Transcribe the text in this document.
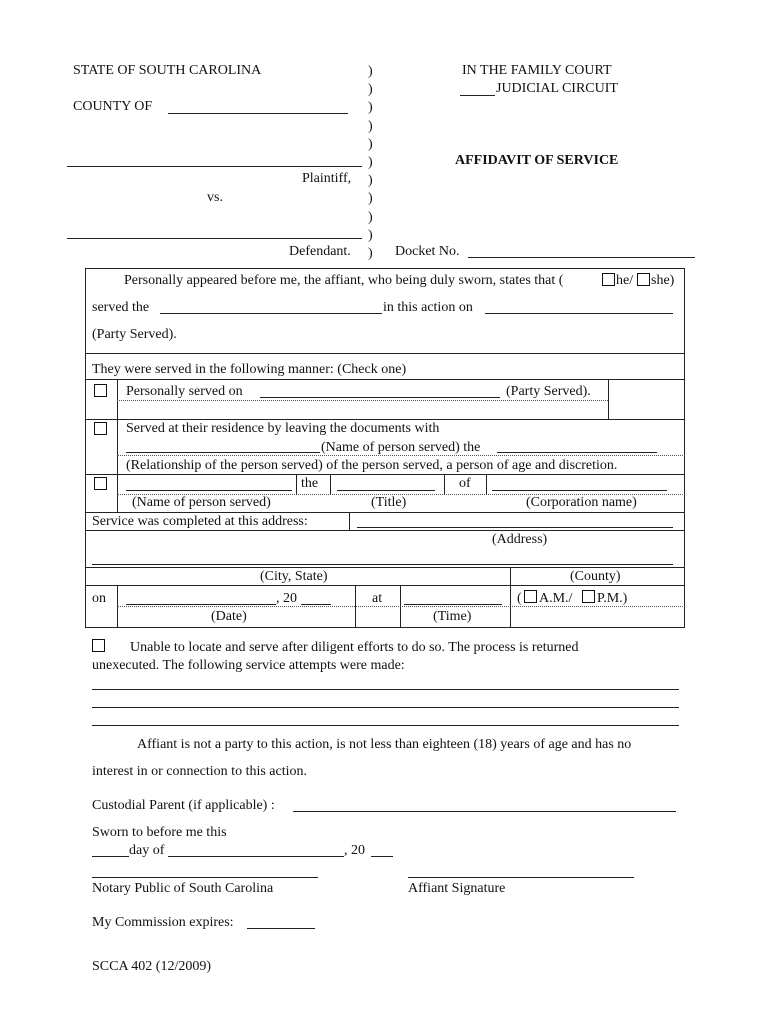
STATE OF SOUTH CAROLINA
COUNTY OF
)
)
)
)
)
)
)
)
)
)
)
IN THE FAMILY COURT
JUDICIAL CIRCUIT
AFFIDAVIT OF SERVICE
Plaintiff,
vs.
Defendant.	Docket No.
Personally appeared before me, the affiant, who being duly sworn, states that (	he/ she)
served the	in this action on
(Party Served).
They were served in the following manner: (Check one)
Personally served on	(Party Served).
Served at their residence by leaving the documents with
(Name of person served) the
(Relationship of the person served) of the person served, a person of age and discretion.
the	of
(Name of person served)	(Title)	(Corporation name)
Service was completed at this address:
(Address)
(City, State)	(County)
on	, 20	at	( A.M./ P.M.)
(Date)	(Time)
Unable to locate and serve after diligent efforts to do so. The process is returned
unexecuted. The following service attempts were made:
Affiant is not a party to this action, is not less than eighteen (18) years of age and has no
interest in or connection to this action.
Custodial Parent (if applicable) :
Sworn to before me this
day of	, 20
Notary Public of South Carolina	Affiant Signature
My Commission expires:
SCCA 402 (12/2009)
